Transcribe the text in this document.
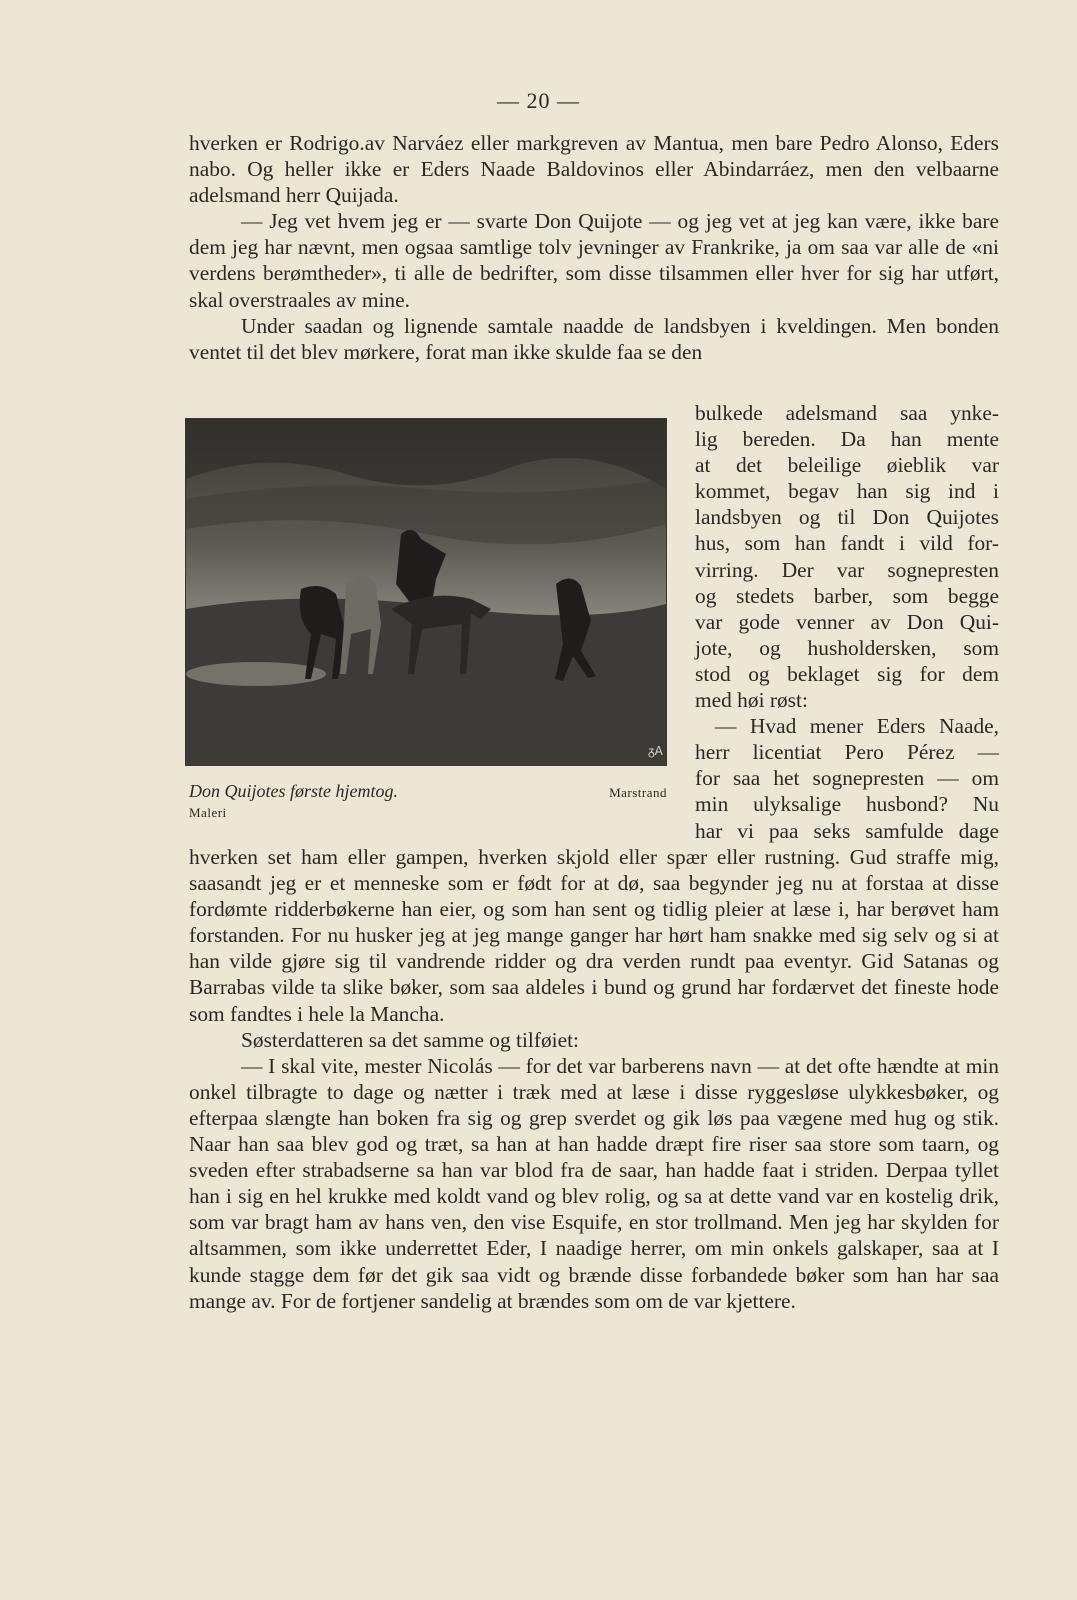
— 20 —

hverken er Rodrigo.av Narváez eller markgreven av Mantua, men bare Pedro Alonso, Eders nabo. Og heller ikke er Eders Naade Baldovinos eller Abindarráez, men den velbaarne adelsmand herr Quijada.

— Jeg vet hvem jeg er — svarte Don Quijote — og jeg vet at jeg kan være, ikke bare dem jeg har nævnt, men ogsaa samtlige tolv jevninger av Frankrike, ja om saa var alle de «ni verdens berømtheder», ti alle de bedrifter, som disse tilsammen eller hver for sig har utført, skal overstraales av mine.

Under saadan og lignende samtale naadde de landsbyen i kveldingen. Men bonden ventet til det blev mørkere, forat man ikke skulde faa se den

ᵹA
Don Quijotes første hjemtog.	Marstrand
Maleri
bulkede adelsmand saa ynke-
lig bereden. Da han mente
at det beleilige øieblik var
kommet, begav han sig ind i
landsbyen og til Don Quijotes
hus, som han fandt i vild for-
virring. Der var sognepresten
og stedets barber, som begge
var gode venner av Don Qui-
jote, og husholdersken, som
stod og beklaget sig for dem
med høi røst:
— Hvad mener Eders Naade,
herr licentiat Pero Pérez —
for saa het sognepresten — om
min ulyksalige husbond? Nu
har vi paa seks samfulde dage

hverken set ham eller gampen, hverken skjold eller spær eller rustning. Gud straffe mig, saasandt jeg er et menneske som er født for at dø, saa begynder jeg nu at forstaa at disse fordømte ridderbøkerne han eier, og som han sent og tidlig pleier at læse i, har berøvet ham forstanden. For nu husker jeg at jeg mange ganger har hørt ham snakke med sig selv og si at han vilde gjøre sig til vandrende ridder og dra verden rundt paa eventyr. Gid Satanas og Barrabas vilde ta slike bøker, som saa aldeles i bund og grund har fordærvet det fineste hode som fandtes i hele la Mancha.

Søsterdatteren sa det samme og tilføiet:

— I skal vite, mester Nicolás — for det var barberens navn — at det ofte hændte at min onkel tilbragte to dage og nætter i træk med at læse i disse ryggesløse ulykkesbøker, og efterpaa slængte han boken fra sig og grep sverdet og gik løs paa vægene med hug og stik. Naar han saa blev god og træt, sa han at han hadde dræpt fire riser saa store som taarn, og sveden efter strabadserne sa han var blod fra de saar, han hadde faat i striden. Derpaa tyllet han i sig en hel krukke med koldt vand og blev rolig, og sa at dette vand var en kostelig drik, som var bragt ham av hans ven, den vise Esquife, en stor trollmand. Men jeg har skylden for altsammen, som ikke underrettet Eder, I naadige herrer, om min onkels galskaper, saa at I kunde stagge dem før det gik saa vidt og brænde disse forbandede bøker som han har saa mange av. For de fortjener sandelig at brændes som om de var kjettere.
